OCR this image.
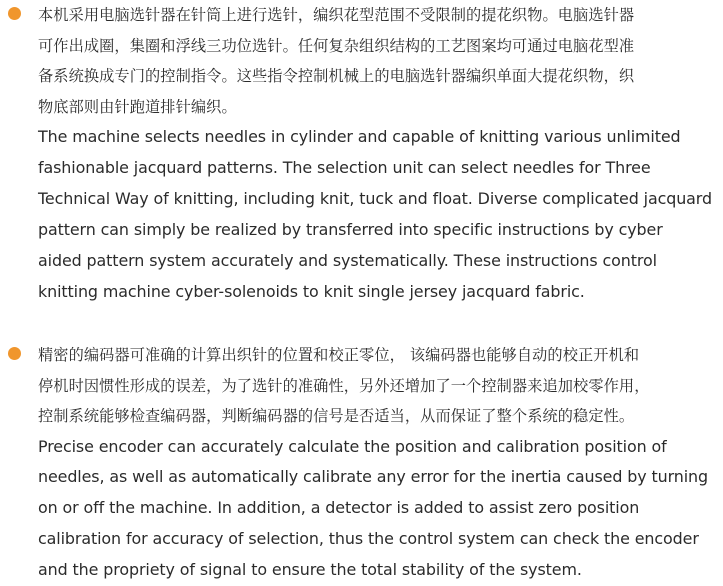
本机采用电脑选针器在针筒上进行选针，编织花型范围不受限制的提花织物。电脑选针器
可作出成圈，集圈和浮线三功位选针。任何复杂组织结构的工艺图案均可通过电脑花型准
备系统换成专门的控制指令。这些指令控制机械上的电脑选针器编织单面大提花织物，织
物底部则由针跑道排针编织。
The machine selects needles in cylinder and capable of knitting various unlimited
fashionable jacquard patterns. The selection unit can select needles for Three
Technical Way of knitting, including knit, tuck and float. Diverse complicated jacquard
pattern can simply be realized by transferred into specific instructions by cyber
aided pattern system accurately and systematically. These instructions control
knitting machine cyber-solenoids to knit single jersey jacquard fabric.
精密的编码器可准确的计算出织针的位置和校正零位， 该编码器也能够自动的校正开机和
停机时因惯性形成的误差，为了选针的准确性，另外还增加了一个控制器来追加校零作用，
控制系统能够检查编码器，判断编码器的信号是否适当，从而保证了整个系统的稳定性。
Precise encoder can accurately calculate the position and calibration position of
needles, as well as automatically calibrate any error for the inertia caused by turning
on or off the machine. In addition, a detector is added to assist zero position
calibration for accuracy of selection, thus the control system can check the encoder
and the propriety of signal to ensure the total stability of the system.
